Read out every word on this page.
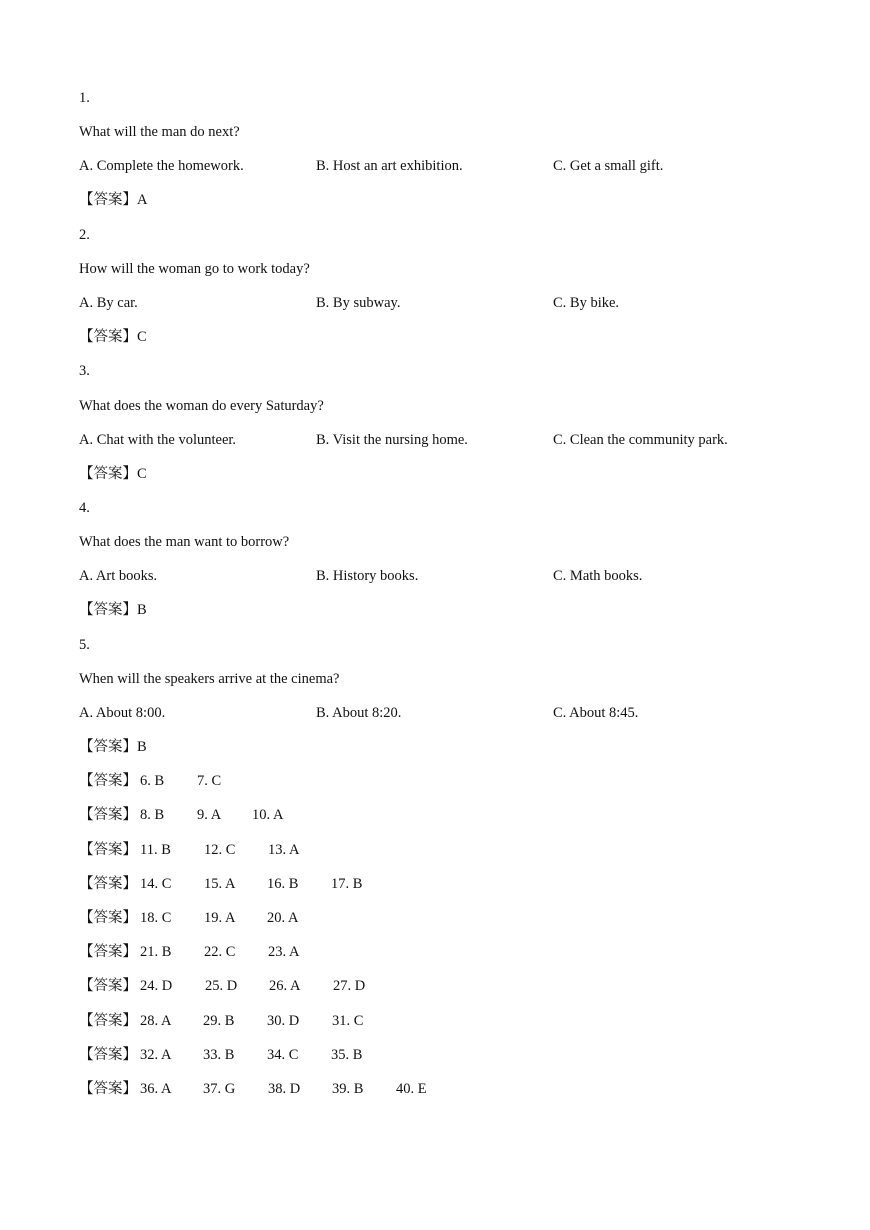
1.
What will the man do next?
A. Complete the homework.	B. Host an art exhibition.	C. Get a small gift.
【答案】A
2.
How will the woman go to work today?
A. By car.	B. By subway.	C. By bike.
【答案】C
3.
What does the woman do every Saturday?
A. Chat with the volunteer.	B. Visit the nursing home.	C. Clean the community park.
【答案】C
4.
What does the man want to borrow?
A. Art books.	B. History books.	C. Math books.
【答案】B
5.
When will the speakers arrive at the cinema?
A. About 8:00.	B. About 8:20.	C. About 8:45.
【答案】B
【答案】 6. B 7. C
【答案】 8. B 9. A 10. A
【答案】 11. B 12. C 13. A
【答案】 14. C 15. A 16. B 17. B
【答案】 18. C 19. A 20. A
【答案】 21. B 22. C 23. A
【答案】 24. D 25. D 26. A 27. D
【答案】 28. A 29. B 30. D 31. C
【答案】 32. A 33. B 34. C 35. B
【答案】 36. A 37. G 38. D 39. B 40. E
